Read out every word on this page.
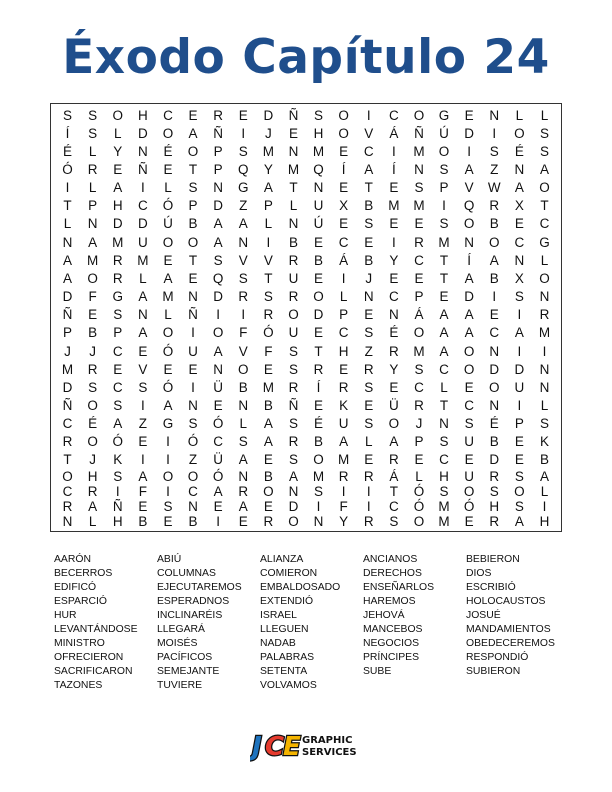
Éxodo Capítulo 24
S	S	O	H	C	E	R	E	D	Ñ	S	O	I	C	O	G	E	N	L	L
Í	S	L	D	O	A	Ñ	I	J	E	H	O	V	Á	Ñ	Ú	D	I	O	S
É	L	Y	N	É	O	P	S	M	N	M	E	C	I	M	O	I	S	É	S
Ó	R	E	Ñ	E	T	P	Q	Y	M	Q	Í	A	Í	N	S	A	Z	N	A
I	L	A	I	L	S	N	G	A	T	N	E	T	E	S	P	V	W	A	O
T	P	H	C	Ó	P	D	Z	P	L	U	X	B	M	M	I	Q	R	X	T
L	N	D	D	Ú	B	A	A	L	N	Ú	E	S	E	E	S	O	B	E	C
N	A	M	U	O	O	A	N	I	B	E	C	E	I	R	M	N	O	C	G
A	M	R	M	E	T	S	V	V	R	B	Á	B	Y	C	T	Í	A	N	L
A	O	R	L	A	E	Q	S	T	U	E	I	J	E	E	T	A	B	X	O
D	F	G	A	M	N	D	R	S	R	O	L	N	C	P	E	D	I	S	N
Ñ	E	S	N	L	Ñ	I	I	R	O	D	P	E	N	Á	A	A	E	I	R
P	B	P	A	O	I	O	F	Ó	U	E	C	S	É	O	A	A	C	A	M
J	J	C	E	Ó	U	A	V	F	S	T	H	Z	R	M	A	O	N	I	I
M	R	E	V	E	E	N	O	E	S	R	E	R	Y	S	C	O	D	D	N
D	S	C	S	Ó	I	Ü	B	M	R	Í	R	S	E	C	L	E	O	U	N
Ñ	O	S	I	A	N	E	N	B	Ñ	E	K	E	Ü	R	T	C	N	I	L
C	É	A	Z	G	S	Ó	L	A	S	É	U	S	O	J	N	S	É	P	S
R	O	Ó	E	I	Ó	C	S	A	R	B	A	L	A	P	S	U	B	E	K
T	J	K	I	I	Z	Ü	A	E	S	O	M	E	R	E	C	E	D	E	B
O	H	S	A	O	O	Ó	N	B	A	M	R	R	Á	L	H	U	R	S	A
C	R	I	F	I	C	A	R	O	N	S	I	I	T	Ó	S	O	S	O	L
R	A	Ñ	E	S	N	E	A	E	D	I	F	I	C	Ó	M	Ó	H	S	I
N	L	H	B	E	B	I	E	R	O	N	Y	R	S	O	M	E	R	A	H
AARÓN	ABIÚ	ALIANZA	ANCIANOS	BEBIERON
BECERROS	COLUMNAS	COMIERON	DERECHOS	DIOS
EDIFICÓ	EJECUTAREMOS	EMBALDOSADO	ENSEÑARLOS	ESCRIBIÓ
ESPARCIÓ	ESPERADNOS	EXTENDIÓ	HAREMOS	HOLOCAUSTOS
HUR	INCLINARÉIS	ISRAEL	JEHOVÁ	JOSUÉ
LEVANTÁNDOSE	LLEGARÁ	LLEGUEN	MANCEBOS	MANDAMIENTOS
MINISTRO	MOISÉS	NADAB	NEGOCIOS	OBEDECEREMOS
OFRECIERON	PACÍFICOS	PALABRAS	PRÍNCIPES	RESPONDIÓ
SACRIFICARON	SEMEJANTE	SETENTA	SUBE	SUBIERON
TAZONES	TUVIERE	VOLVAMOS
J C
E GRAPHIC
SERVICES
